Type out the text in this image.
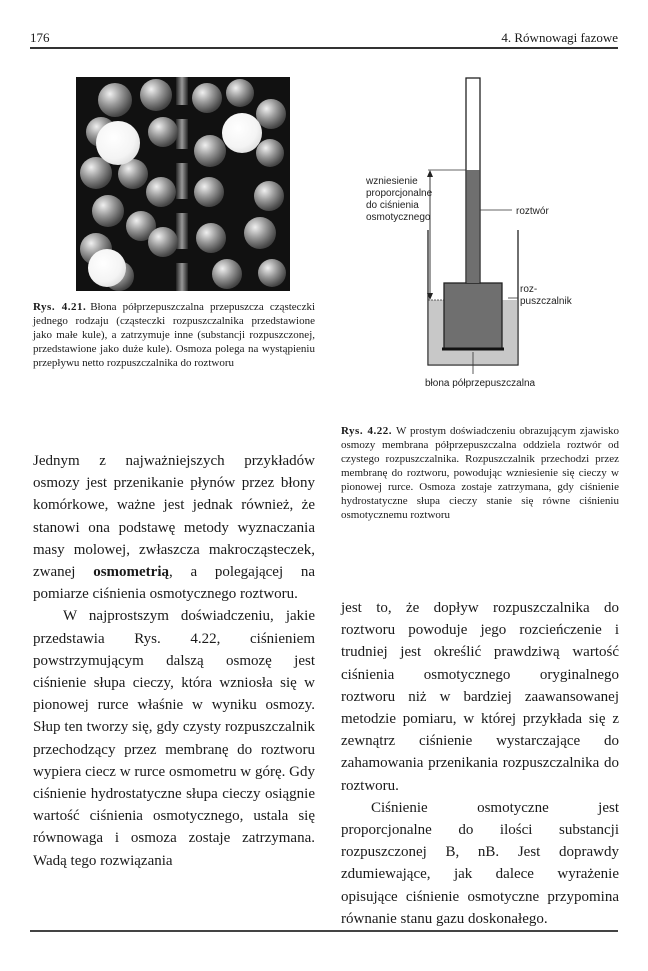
176	4. Równowagi fazowe

Rys. 4.21. Błona półprzepuszczalna przepuszcza cząsteczki jednego rodzaju (cząsteczki rozpuszczalnika przedstawione jako małe kule), a zatrzymuje inne (substancji rozpuszczonej, przedstawione jako duże kule). Osmoza polega na wystąpieniu przepływu netto rozpuszczalnika do roztworu

wzniesienie
proporcjonalne
do ciśnienia
osmotycznego
roztwór
roz-
puszczalnik
błona półprzepuszczalna

Rys. 4.22. W prostym doświadczeniu obrazującym zjawisko osmozy membrana półprzepuszczalna oddziela roztwór od czystego rozpuszczalnika. Rozpuszczalnik przechodzi przez membranę do roztworu, powodując wzniesienie się cieczy w pionowej rurce. Osmoza zostaje zatrzymana, gdy ciśnienie hydrostatyczne słupa cieczy stanie się równe ciśnieniu osmotycznemu roztworu

Jednym z najważniejszych przykładów osmozy jest przenikanie płynów przez błony komórkowe, ważne jest jednak również, że stanowi ona podstawę metody wyznaczania masy molowej, zwłaszcza makrocząsteczek, zwanej osmometrią, a polegającej na pomiarze ciśnienia osmotycznego roztworu.

W najprostszym doświadczeniu, jakie przedstawia Rys. 4.22, ciśnieniem powstrzymującym dalszą osmozę jest ciśnienie słupa cieczy, która wzniosła się w pionowej rurce właśnie w wyniku osmozy. Słup ten tworzy się, gdy czysty rozpuszczalnik przechodzący przez membranę do roztworu wypiera ciecz w rurce osmometru w górę. Gdy ciśnienie hydrostatyczne słupa cieczy osiągnie wartość ciśnienia osmotycznego, ustala się równowaga i osmoza zostaje zatrzymana. Wadą tego rozwiązania

jest to, że dopływ rozpuszczalnika do roztworu powoduje jego rozcieńczenie i trudniej jest określić prawdziwą wartość ciśnienia osmotycznego oryginalnego roztworu niż w bardziej zaawansowanej metodzie pomiaru, w której przykłada się z zewnątrz ciśnienie wystarczające do zahamowania przenikania rozpuszczalnika do roztworu.

Ciśnienie osmotyczne jest proporcjonalne do ilości substancji rozpuszczonej B, nB. Jest doprawdy zdumiewające, jak dalece wyrażenie opisujące ciśnienie osmotyczne przypomina równanie stanu gazu doskonałego.
